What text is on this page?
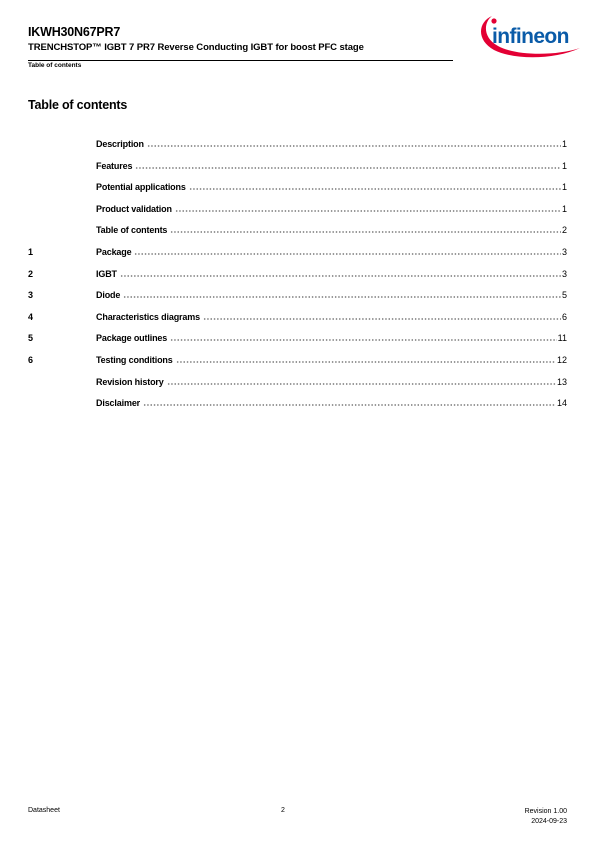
IKWH30N67PR7
TRENCHSTOP™ IGBT 7 PR7 Reverse Conducting IGBT for boost PFC stage
Table of contents
infineon
Table of contents
Description	1
Features	1
Potential applications	1
Product validation	1
Table of contents	2
1	Package	3
2	IGBT	3
3	Diode	5
4	Characteristics diagrams	6
5	Package outlines	11
6	Testing conditions	12
Revision history	13
Disclaimer	14
Datasheet	2	Revision 1.00
2024-09-23
